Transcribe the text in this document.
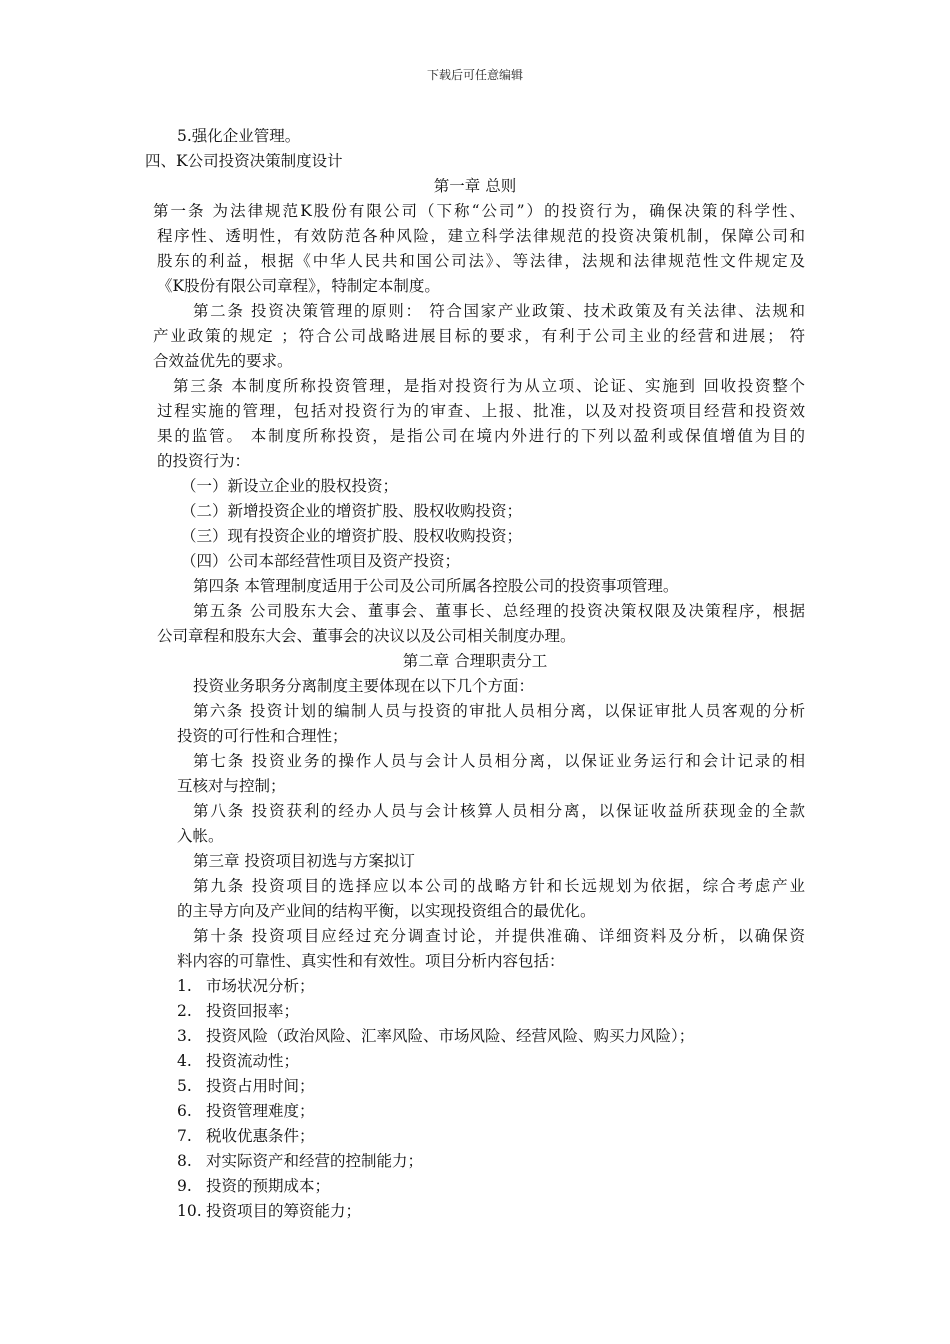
下载后可任意编辑
5.强化企业管理。
四、K公司投资决策制度设计
第一章 总则
第一条 为法律规范K股份有限公司（下称“公司”）的投资行为，确保决策的科学性、
程序性、透明性，有效防范各种风险，建立科学法律规范的投资决策机制，保障公司和
股东的利益，根据《中华人民共和国公司法》、等法律，法规和法律规范性文件规定及
《K股份有限公司章程》，特制定本制度。
第二条 投资决策管理的原则： 符合国家产业政策、技术政策及有关法律、法规和
产业政策的规定 ；符合公司战略进展目标的要求，有利于公司主业的经营和进展； 符
合效益优先的要求。
第三条 本制度所称投资管理，是指对投资行为从立项、论证、实施到 回收投资整个
过程实施的管理，包括对投资行为的审查、上报、批准，以及对投资项目经营和投资效
果的监管。 本制度所称投资，是指公司在境内外进行的下列以盈利或保值增值为目的
的投资行为：
（一）新设立企业的股权投资；
（二）新增投资企业的增资扩股、股权收购投资；
（三）现有投资企业的增资扩股、股权收购投资；
（四）公司本部经营性项目及资产投资；
第四条 本管理制度适用于公司及公司所属各控股公司的投资事项管理。
第五条 公司股东大会、董事会、董事长、总经理的投资决策权限及决策程序，根据
公司章程和股东大会、董事会的决议以及公司相关制度办理。
第二章 合理职责分工
投资业务职务分离制度主要体现在以下几个方面：
第六条 投资计划的编制人员与投资的审批人员相分离，以保证审批人员客观的分析
投资的可行性和合理性；
第七条 投资业务的操作人员与会计人员相分离，以保证业务运行和会计记录的相
互核对与控制；
第八条 投资获利的经办人员与会计核算人员相分离，以保证收益所获现金的全款
入帐。
第三章 投资项目初选与方案拟订
第九条 投资项目的选择应以本公司的战略方针和长远规划为依据，综合考虑产业
的主导方向及产业间的结构平衡，以实现投资组合的最优化。
第十条 投资项目应经过充分调查讨论，并提供准确、详细资料及分析，以确保资
料内容的可靠性、真实性和有效性。项目分析内容包括：
1. 市场状况分析；
2. 投资回报率；
3. 投资风险（政治风险、汇率风险、市场风险、经营风险、购买力风险）；
4. 投资流动性；
5. 投资占用时间；
6. 投资管理难度；
7. 税收优惠条件；
8. 对实际资产和经营的控制能力；
9. 投资的预期成本；
10. 投资项目的筹资能力；
